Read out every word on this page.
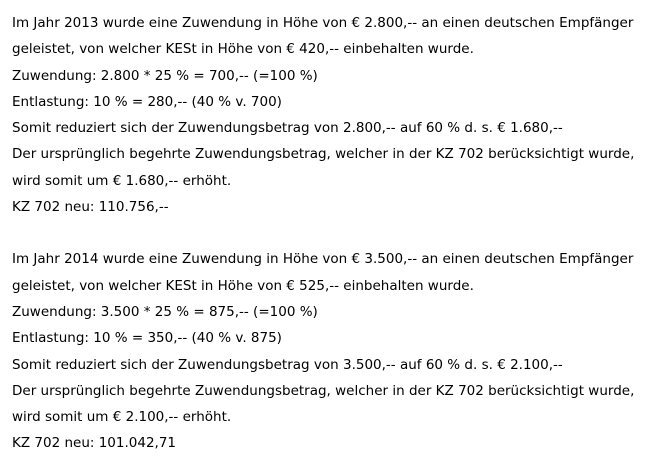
Im Jahr 2013 wurde eine Zuwendung in Höhe von € 2.800,-- an einen deutschen Empfänger
geleistet, von welcher KESt in Höhe von € 420,-- einbehalten wurde.
Zuwendung: 2.800 * 25 % = 700,-- (=100 %)
Entlastung: 10 % = 280,-- (40 % v. 700)
Somit reduziert sich der Zuwendungsbetrag von 2.800,-- auf 60 % d. s. € 1.680,--
Der ursprünglich begehrte Zuwendungsbetrag, welcher in der KZ 702 berücksichtigt wurde,
wird somit um € 1.680,-- erhöht.
KZ 702 neu: 110.756,--
Im Jahr 2014 wurde eine Zuwendung in Höhe von € 3.500,-- an einen deutschen Empfänger
geleistet, von welcher KESt in Höhe von € 525,-- einbehalten wurde.
Zuwendung: 3.500 * 25 % = 875,-- (=100 %)
Entlastung: 10 % = 350,-- (40 % v. 875)
Somit reduziert sich der Zuwendungsbetrag von 3.500,-- auf 60 % d. s. € 2.100,--
Der ursprünglich begehrte Zuwendungsbetrag, welcher in der KZ 702 berücksichtigt wurde,
wird somit um € 2.100,-- erhöht.
KZ 702 neu: 101.042,71
